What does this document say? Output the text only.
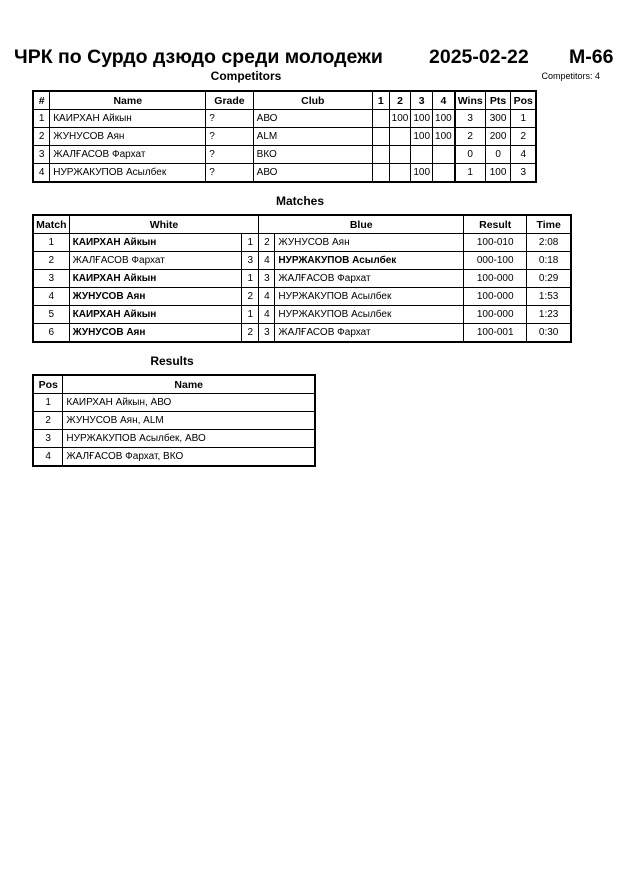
ЧРК по Сурдо дзюдо среди молодежи 2025-02-22 M-66
Competitors	Competitors: 4
#	Name	Grade	Club	1	2	3	4	Wins	Pts	Pos
1	КАИРХАН Айкын	?	AВО		100	100	100	3	300	1
2	ЖУНУСОВ Аян	?	ALM			100	100	2	200	2
3	ЖАЛҒАСОВ Фархат	?	ВКО					0	0	4
4	НУРЖАКУПОВ Асылбек	?	AВО			100		1	100	3
Matches
Match	White		Blue		Result	Time
1	КАИРХАН Айкын	1	2	ЖУНУСОВ Аян	100-010	2:08
2	ЖАЛҒАСОВ Фархат	3	4	НУРЖАКУПОВ Асылбек	000-100	0:18
3	КАИРХАН Айкын	1	3	ЖАЛҒАСОВ Фархат	100-000	0:29
4	ЖУНУСОВ Аян	2	4	НУРЖАКУПОВ Асылбек	100-000	1:53
5	КАИРХАН Айкын	1	4	НУРЖАКУПОВ Асылбек	100-000	1:23
6	ЖУНУСОВ Аян	2	3	ЖАЛҒАСОВ Фархат	100-001	0:30
Results
Pos	Name
1	КАИРХАН Айкын, AВО
2	ЖУНУСОВ Аян, ALM
3	НУРЖАКУПОВ Асылбек, AВО
4	ЖАЛҒАСОВ Фархат, ВКО
